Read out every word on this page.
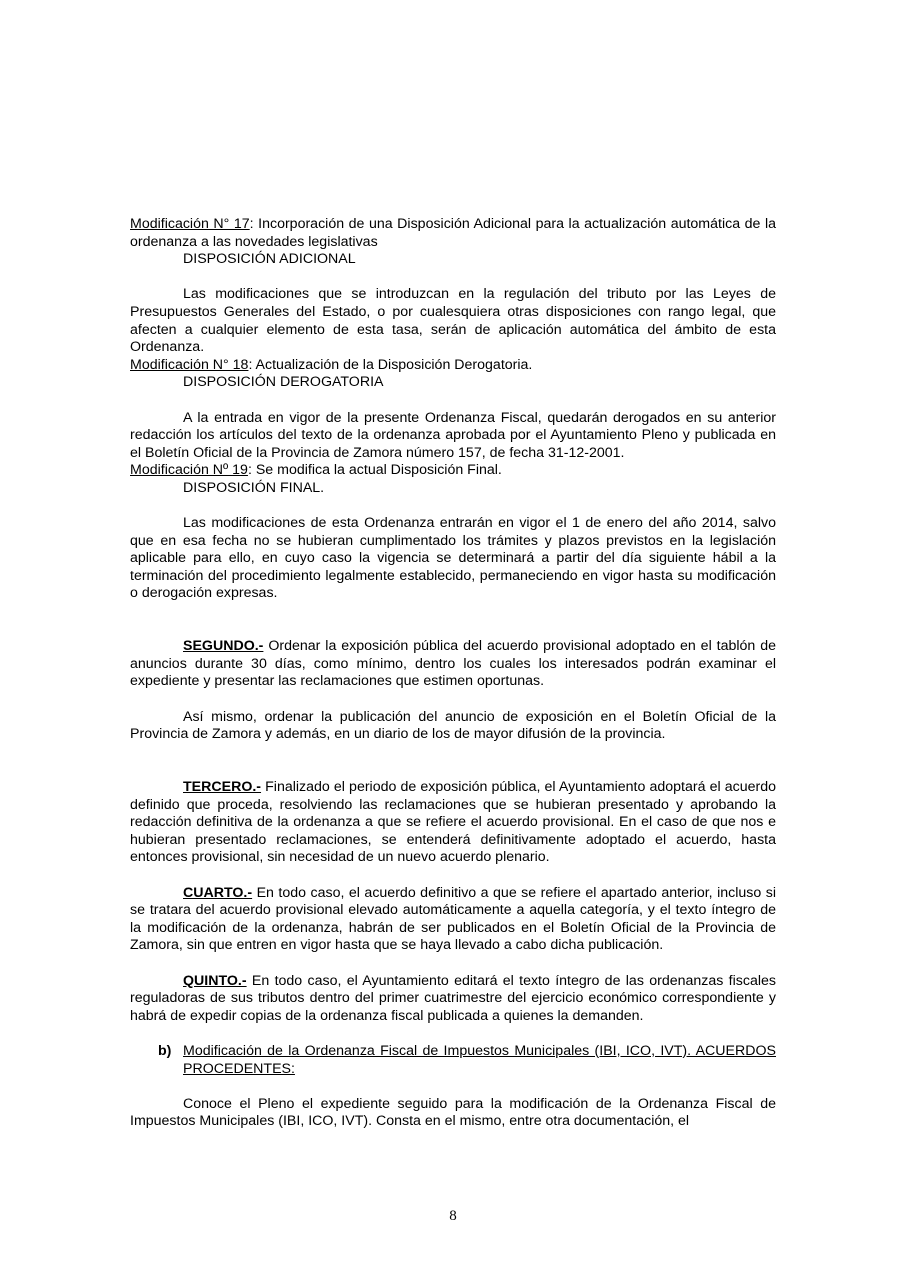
Modificación N° 17: Incorporación de una Disposición Adicional para la actualización automática de la ordenanza a las novedades legislativas

DISPOSICIÓN ADICIONAL

Las modificaciones que se introduzcan en la regulación del tributo por las Leyes de Presupuestos Generales del Estado, o por cualesquiera otras disposiciones con rango legal, que afecten a cualquier elemento de esta tasa, serán de aplicación automática del ámbito de esta Ordenanza.

Modificación N° 18: Actualización de la Disposición Derogatoria.

DISPOSICIÓN DEROGATORIA

A la entrada en vigor de la presente Ordenanza Fiscal, quedarán derogados en su anterior redacción los artículos del texto de la ordenanza aprobada por el Ayuntamiento Pleno y publicada en el Boletín Oficial de la Provincia de Zamora número 157, de fecha 31-12-2001.

Modificación Nº 19: Se modifica la actual Disposición Final.

DISPOSICIÓN FINAL.

Las modificaciones de esta Ordenanza entrarán en vigor el 1 de enero del año 2014, salvo que en esa fecha no se hubieran cumplimentado los trámites y plazos previstos en la legislación aplicable para ello, en cuyo caso la vigencia se determinará a partir del día siguiente hábil a la terminación del procedimiento legalmente establecido, permaneciendo en vigor hasta su modificación o derogación expresas.

SEGUNDO.- Ordenar la exposición pública del acuerdo provisional adoptado en el tablón de anuncios durante 30 días, como mínimo, dentro los cuales los interesados podrán examinar el expediente y presentar las reclamaciones que estimen oportunas.

Así mismo, ordenar la publicación del anuncio de exposición en el Boletín Oficial de la Provincia de Zamora y además, en un diario de los de mayor difusión de la provincia.

TERCERO.- Finalizado el periodo de exposición pública, el Ayuntamiento adoptará el acuerdo definido que proceda, resolviendo las reclamaciones que se hubieran presentado y aprobando la redacción definitiva de la ordenanza a que se refiere el acuerdo provisional. En el caso de que nos e hubieran presentado reclamaciones, se entenderá definitivamente adoptado el acuerdo, hasta entonces provisional, sin necesidad de un nuevo acuerdo plenario.

CUARTO.- En todo caso, el acuerdo definitivo a que se refiere el apartado anterior, incluso si se tratara del acuerdo provisional elevado automáticamente a aquella categoría, y el texto íntegro de la modificación de la ordenanza, habrán de ser publicados en el Boletín Oficial de la Provincia de Zamora, sin que entren en vigor hasta que se haya llevado a cabo dicha publicación.

QUINTO.- En todo caso, el Ayuntamiento editará el texto íntegro de las ordenanzas fiscales reguladoras de sus tributos dentro del primer cuatrimestre del ejercicio económico correspondiente y habrá de expedir copias de la ordenanza fiscal publicada a quienes la demanden.

b) Modificación de la Ordenanza Fiscal de Impuestos Municipales (IBI, ICO, IVT). ACUERDOS PROCEDENTES:

Conoce el Pleno el expediente seguido para la modificación de la Ordenanza Fiscal de Impuestos Municipales (IBI, ICO, IVT). Consta en el mismo, entre otra documentación, el

8
